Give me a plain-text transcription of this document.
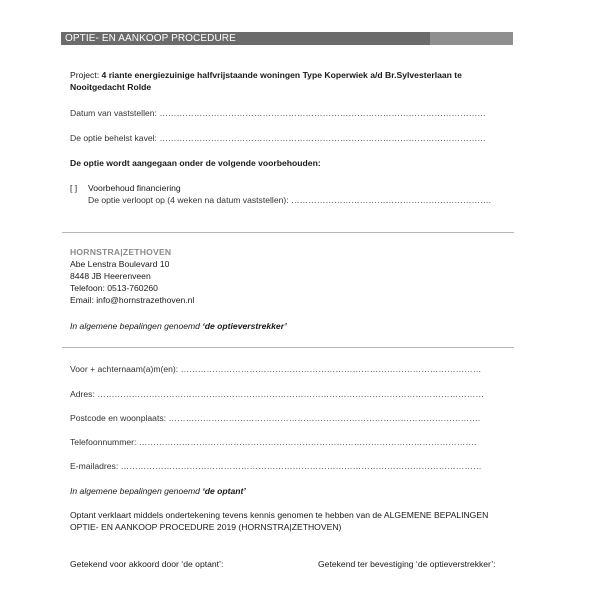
OPTIE- EN AANKOOP PROCEDURE
Project: 4 riante energiezuinige halfvrijstaande woningen Type Koperwiek a/d Br.Sylvesterlaan te
Nooitgedacht Rolde
Datum van vaststellen: ……………………………………………………………………………………………………
De optie behelst kavel: ……………………………………………………………………………………………………
De optie wordt aangegaan onder de volgende voorbehouden:
[ ] Voorbehoud financiering
De optie verloopt op (4 weken na datum vaststellen): …………………………………………………………….
HORNSTRA|ZETHOVEN
Abe Lenstra Boulevard 10
8448 JB Heerenveen
Telefoon: 0513-760260
Email: info@hornstrazethoven.nl
In algemene bepalingen genoemd ‘de optieverstrekker’
Voor + achternaam(a)m(en): ……………………………………………………………………………………………
Adres: ………………………………………………………………………………………………………………………
Postcode en woonplaats: ……………………………………………………………………………………………….
Telefoonnummer: ……………………………………………………………………………………………………….
E-mailadres: ………………………………………………………………………………………………………………
In algemene bepalingen genoemd ‘de optant’
Optant verklaart middels ondertekening tevens kennis genomen te hebben van de ALGEMENE BEPALINGEN
OPTIE- EN AANKOOP PROCEDURE 2019 (HORNSTRA|ZETHOVEN)
Getekend voor akkoord door ‘de optant’:	Getekend ter bevestiging ‘de optieverstrekker’:
